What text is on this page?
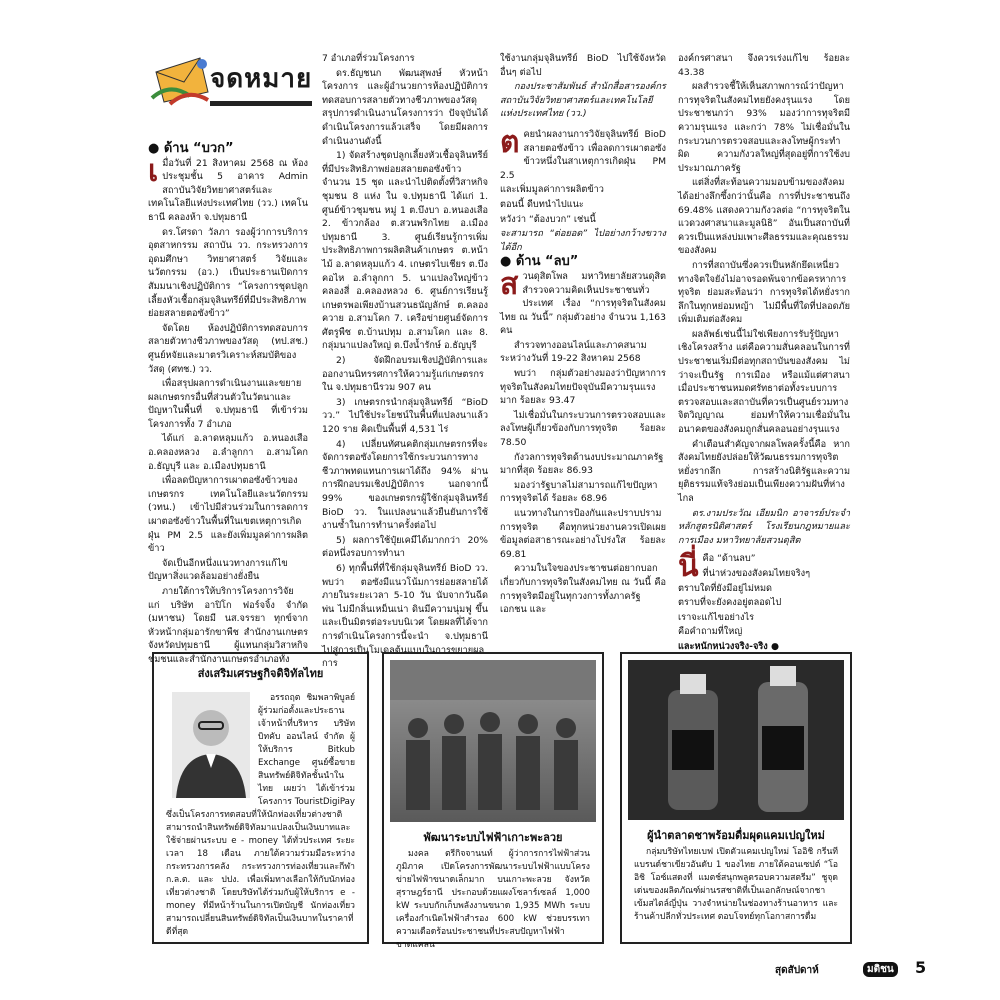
จดหมาย

● ด้าน “บวก”

เ มื่อวันที่ 21 สิงหาคม 2568 ณ ห้องประชุมชั้น 5 อาคาร Admin สถาบันวิจัยวิทยาศาสตร์และเทคโนโลยีแห่งประเทศไทย (วว.) เทคโนธานี คลองห้า จ.ปทุมธานี

ดร.โศรดา วัลภา รองผู้ว่าการบริการอุตสาหกรรม สถาบัน วว. กระทรวงการอุดมศึกษา วิทยาศาสตร์ วิจัยและนวัตกรรม (อว.) เป็นประธานเปิดการสัมมนาเชิงปฏิบัติการ “โครงการชุดปลูกเลี้ยงหัวเชื้อกลุ่มจุลินทรีย์ที่มีประสิทธิภาพย่อยสลายตอซังข้าว”

จัดโดย ห้องปฏิบัติการทดสอบการสลายตัวทางชีวภาพของวัสดุ (ทป.สช.) ศูนย์หจัยและมาตรวิเคราะห์สมบัติของวัสดุ (ศทช.) วว.

เพื่อสรุปผลการดำเนินงานและขยายผลเกษตรกรอื่นที่ส่วนตัวในวัตนาและปัญหาในพื้นที่ จ.ปทุมธานี ที่เข้าร่วมโครงการทั้ง 7 อำเภอ

ได้แก่ อ.ลาดหลุมแก้ว อ.หนองเสือ อ.คลองหลวง อ.ลำลูกกา อ.สามโคก อ.ธัญบุรี และ อ.เมืองปทุมธานี

เพื่อลดปัญหาการเผาตอซังข้าวของเกษตรกร เทคโนโลยีและนวัตกรรม (วทน.) เข้าไปมีส่วนร่วมในการลดการเผาตอซังข้าวในพื้นที่ในเขตเหตุการเกิดฝุ่น PM 2.5 และยังเพิ่มมูลค่าการผลิตข้าว

จัดเป็นอีกหนึ่งแนวทางการแก้ไขปัญหาสิ่งแวดล้อมอย่างยั่งยืน

ภายใต้การให้บริการโครงการวิจัย แก่ บริษัท อาปิโก ฟอร์จจิ้ง จำกัด (มหาชน) โดยมี นส.จรรยา ทุกข์จาก หัวหน้ากลุ่มอารักขาพืช สำนักงานเกษตรจังหวัดปทุมธานี ผู้แทนกลุ่มวิสาหกิจชุมชนและสำนักงานเกษตรอำเภอทั้ง

7 อำเภอที่ร่วมโครงการ

ดร.ธัญชนก พัฒนสุพงษ์ หัวหน้าโครงการ และผู้อำนวยการห้องปฏิบัติการทดสอบการสลายตัวทางชีวภาพของวัสดุสรุปการดำเนินงานโครงการว่า ปัจจุบันได้ดำเนินโครงการแล้วเสร็จ โดยมีผลการดำเนินงานดังนี้

1) จัดสร้างชุดปลูกเลี้ยงหัวเชื้อจุลินทรีย์ที่มีประสิทธิภาพย่อยสลายตอซังข้าวจำนวน 15 ชุด และนำไปติดตั้งที่วิสาหกิจชุมชน 8 แห่ง ใน จ.ปทุมธานี ได้แก่ 1. ศูนย์ข้าวชุมชน หมู่ 1 ต.บึงบา อ.หนองเสือ 2. ข้าวกล้อง ต.สวนพริกไทย อ.เมืองปทุมธานี 3. ศูนย์เรียนรู้การเพิ่มประสิทธิภาพการผลิตสินค้าเกษตร ต.หน้าไม้ อ.ลาดหลุมแก้ว 4. เกษตรไบเชียร ต.บึงคอไห อ.ลำลูกกา 5. นาแปลงใหญ่ข้าวคลองสี่ อ.คลองหลวง 6. ศูนย์การเรียนรู้เกษตรพอเพียงบ้านสวนธนัญลักษ์ ต.คลองควาย อ.สามโคก 7. เครือข่ายศูนย์จัดการศัตรูพืช ต.บ้านปทุม อ.สามโคก และ 8. กลุ่มนาแปลงใหญ่ ต.บึงน้ำรักษ์ อ.ธัญบุรี

2) จัดฝึกอบรมเชิงปฏิบัติการและออกงานนิทรรศการให้ความรู้แก่เกษตรกรใน จ.ปทุมธานีรวม 907 คน

3) เกษตรกรนำกลุ่มจุลินทรีย์ “BioD วว.” ไปใช้ประโยชน์ในพื้นที่แปลงนาแล้ว 120 ราย คิดเป็นพื้นที่ 4,531 ไร่

4) เปลี่ยนทัศนคติกลุ่มเกษตรกรที่จะจัดการตอซังโดยการใช้กระบวนการทางชีวภาพทดแทนการเผาได้ถึง 94% ผ่านการฝึกอบรมเชิงปฏิบัติการ นอกจากนี้ 99% ของเกษตรกรผู้ใช้กลุ่มจุลินทรีย์ BioD วว. ในแปลงนาแล้วยืนยันการใช้งานซ้ำในการทำนาครั้งต่อไป

5) ผลการใช้ปุ๋ยเคมีได้มากกว่า 20% ต่อหนึ่งรอบการทำนา

6) ทุกพื้นที่ที่ใช้กลุ่มจุลินทรีย์ BioD วว. พบว่า ตอซังมีแนวโน้มการย่อยสลายได้ภายในระยะเวลา 5-10 วัน นับจากวันฉีดพ่น ไม่มีกลิ่นเหม็นเน่า ดินมีความนุ่มฟู ขึ้น และเป็นมิตรต่อระบบนิเวศ โดยผลที่ได้จากการดำเนินโครงการนี้จะนำ จ.ปทุมธานี ไปสู่การเป็นโมเดลต้นแบบในการขยายผลการ

ใช้งานกลุ่มจุลินทรีย์ BioD ไปใช้จังหวัดอื่นๆ ต่อไป

กองประชาสัมพันธ์ สำนักสื่อสารองค์กร สถาบันวิจัยวิทยาศาสตร์และเทคโนโลยีแห่งประเทศไทย (วว.)

ต คยนำผลงานการวิจัยจุลินทรีย์ BioD สลายตอซังข้าว เพื่อลดการเผาตอซังข้าวหนึ่งในสาเหตุการเกิดฝุ่น PM 2.5

และเพิ่มมูลค่าการผลิตข้าว

ตอนนี้ ดีบทนำไปแนะ

หวังว่า “ต้องบวก” เช่นนี้

จะสามารถ “ต่อยอด” ไปอย่างกว้างขวางได้อีก

● ด้าน “ลบ”

ส วนดุสิตโพล มหาวิทยาลัยสวนดุสิต สำรวจความคิดเห็นประชาชนทั่วประเทศ เรื่อง “การทุจริตในสังคมไทย ณ วันนี้” กลุ่มตัวอย่าง จำนวน 1,163 คน

สำรวจทางออนไลน์และภาคสนามระหว่างวันที่ 19-22 สิงหาคม 2568

พบว่า กลุ่มตัวอย่างมองว่าปัญหาการทุจริตในสังคมไทยปัจจุบันมีความรุนแรงมาก ร้อยละ 93.47

ไม่เชื่อมั่นในกระบวนการตรวจสอบและลงโทษผู้เกี่ยวข้องกับการทุจริต ร้อยละ 78.50

กังวลการทุจริตด้านงบประมาณภาครัฐมากที่สุด ร้อยละ 86.93

มองว่ารัฐบาลไม่สามารถแก้ไขปัญหาการทุจริตได้ ร้อยละ 68.96

แนวทางในการป้องกันและปราบปรามการทุจริต คือทุกหน่วยงานควรเปิดเผยข้อมูลต่อสาธารณะอย่างโปร่งใส ร้อยละ 69.81

ความในใจของประชาชนต่อยากบอกเกี่ยวกับการทุจริตในสังคมไทย ณ วันนี้ คือ การทุจริตมีอยู่ในทุกวงการทั้งภาครัฐ เอกชน และ

องค์กรศาสนา จึงควรเร่งแก้ไข ร้อยละ 43.38

ผลสำรวจชี้ให้เห็นสภาพการณ์ว่าปัญหาการทุจริตในสังคมไทยยังคงรุนแรง โดยประชาชนกว่า 93% มองว่าการทุจริตมีความรุนแรง และกว่า 78% ไม่เชื่อมั่นในกระบวนการตรวจสอบและลงโทษผู้กระทำผิด ความกังวลใหญ่ที่สุดอยู่ที่การใช้งบประมาณภาครัฐ

แต่สิ่งที่สะท้อนความมอบข้ามของสังคมได้อย่างลึกซึ้งกว่านั้นคือ การที่ประชาชนถึง 69.48% แสดงความกังวลต่อ “การทุจริตในแวดวงศาสนาและมูลนิธิ” อันเป็นสถาบันที่ควรเป็นแหล่งบ่มเพาะศีลธรรมและคุณธรรมของสังคม

การที่สถาบันซึ่งควรเป็นหลักยึดเหนี่ยวทางจิตใจยังไม่อาจรอดพ้นจากข้อครหาการทุจริต ย่อมสะท้อนว่า การทุจริตได้หยั่งรากลึกในทุกหย่อมหญ้า ไม่มีพื้นที่ใดที่ปลอดภัยเพิ่มเติมต่อสังคม

ผลลัพธ์เช่นนี้ไม่ใช่เพียงการรับรู้ปัญหาเชิงโครงสร้าง แต่คือความสั่นคลอนในการที่ประชาชนเริ่มมีต่อทุกสถาบันของสังคม ไม่ว่าจะเป็นรัฐ การเมือง หรือแม้แต่ศาสนา เมื่อประชาชนหมดศรัทธาต่อทั้งระบบการตรวจสอบและสถาบันที่ควรเป็นศูนย์รวมทางจิตวิญญาณ ย่อมทำให้ความเชื่อมั่นในอนาคตของสังคมถูกสั่นคลอนอย่างรุนแรง

คำเตือนสำคัญจากผลโพลครั้งนี้คือ หากสังคมไทยยังปล่อยให้วัฒนธรรมการทุจริตหยั่งรากลึก การสร้างนิติรัฐและความยุติธรรมแท้จริงย่อมเป็นเพียงความฝันที่ห่างไกล

ดร.งามประวัณ เอียมนิก อาจารย์ประจำหลักสูตรนิติศาสตร์ โรงเรียนกฎหมายและการเมือง มหาวิทยาลัยสวนดุสิต

นี่ คือ “ด้านลบ”

ที่น่าห่วงของสังคมไทยจริงๆ

ตราบใดที่ยังมีอยู่ไม่หมด

ตราบที่จะยังคงอยู่ตลอดไป

เราจะแก้ไขอย่างไร

คือคำถามที่ใหญ่

และหนักหน่วงจริง-จริง ●

ส่งเสริมเศรษฐกิจดิจิทัลไทย

อรรถฤต ชิมพลาพิบูลย์ ผู้ร่วมก่อตั้งและประธานเจ้าหน้าที่บริหาร บริษัท บิทคับ ออนไลน์ จำกัด ผู้ให้บริการ Bitkub Exchange ศูนย์ซื้อขายสินทรัพย์ดิจิทัลชั้นนำในไทย เผยว่า ได้เข้าร่วมโครงการ TouristDigiPay ซึ่งเป็นโครงการทดสอบที่ให้นักท่องเที่ยวต่างชาติสามารถนำสินทรัพย์ดิจิทัลมาแปลงเป็นเงินบาทและใช้จ่ายผ่านระบบ e - money ได้ทั่วประเทศ ระยะเวลา 18 เดือน ภายใต้ความร่วมมือระหว่างกระทรวงการคลัง กระทรวงการท่องเที่ยวและกีฬา ก.ล.ต. และ ปปง. เพื่อเพิ่มทางเลือกให้กับนักท่องเที่ยวต่างชาติ โดยบริษัทได้ร่วมกับผู้ให้บริการ e - money ที่มีหน้าร้านในการเปิดบัญชี นักท่องเที่ยวสามารถเปลี่ยนสินทรัพย์ดิจิทัลเป็นเงินบาทในราคาที่ดีที่สุด

พัฒนาระบบไฟฟ้าเกาะพะลวย

มงคล ตรีกิจจานนท์ ผู้ว่าการการไฟฟ้าส่วนภูมิภาค เปิดโครงการพัฒนาระบบไฟฟ้าแบบโครงข่ายไฟฟ้าขนาดเล็กมาก บนเกาะพะลวย จังหวัดสุราษฎร์ธานี ประกอบด้วยแผงโซลาร์เซลล์ 1,000 kW ระบบกักเก็บพลังงานขนาด 1,935 MWh ระบบเครื่องกำเนิดไฟฟ้าสำรอง 600 kW ช่วยบรรเทาความเดือดร้อนประชาชนที่ประสบปัญหาไฟฟ้าขาดแคลน

ผู้นำตลาดชาพร้อมดื่มผุดแคมเปญใหม่

กลุ่มบริษัทไทยเบฟ เปิดตัวแคมเปญใหม่ โออิชิ กรีนที แบรนด์ชาเขียวอันดับ 1 ของไทย ภายใต้คอนเซปต์ “โออิชิ โอซ์แสดงที่ แมตช์สนุกพลูตรอบความสตรีม” ชูจุดเด่นของผลิตภัณฑ์ผ่านรสชาติที่เป็นเอกลักษณ์จากชาเข้มสไตล์ญี่ปุ่น วางจำหน่ายในช่องทางร้านอาหาร และร้านค้าปลีกทั่วประเทศ ตอบโจทย์ทุกโอกาสการดื่ม

สุดสัปดาห์	มติชน 5
